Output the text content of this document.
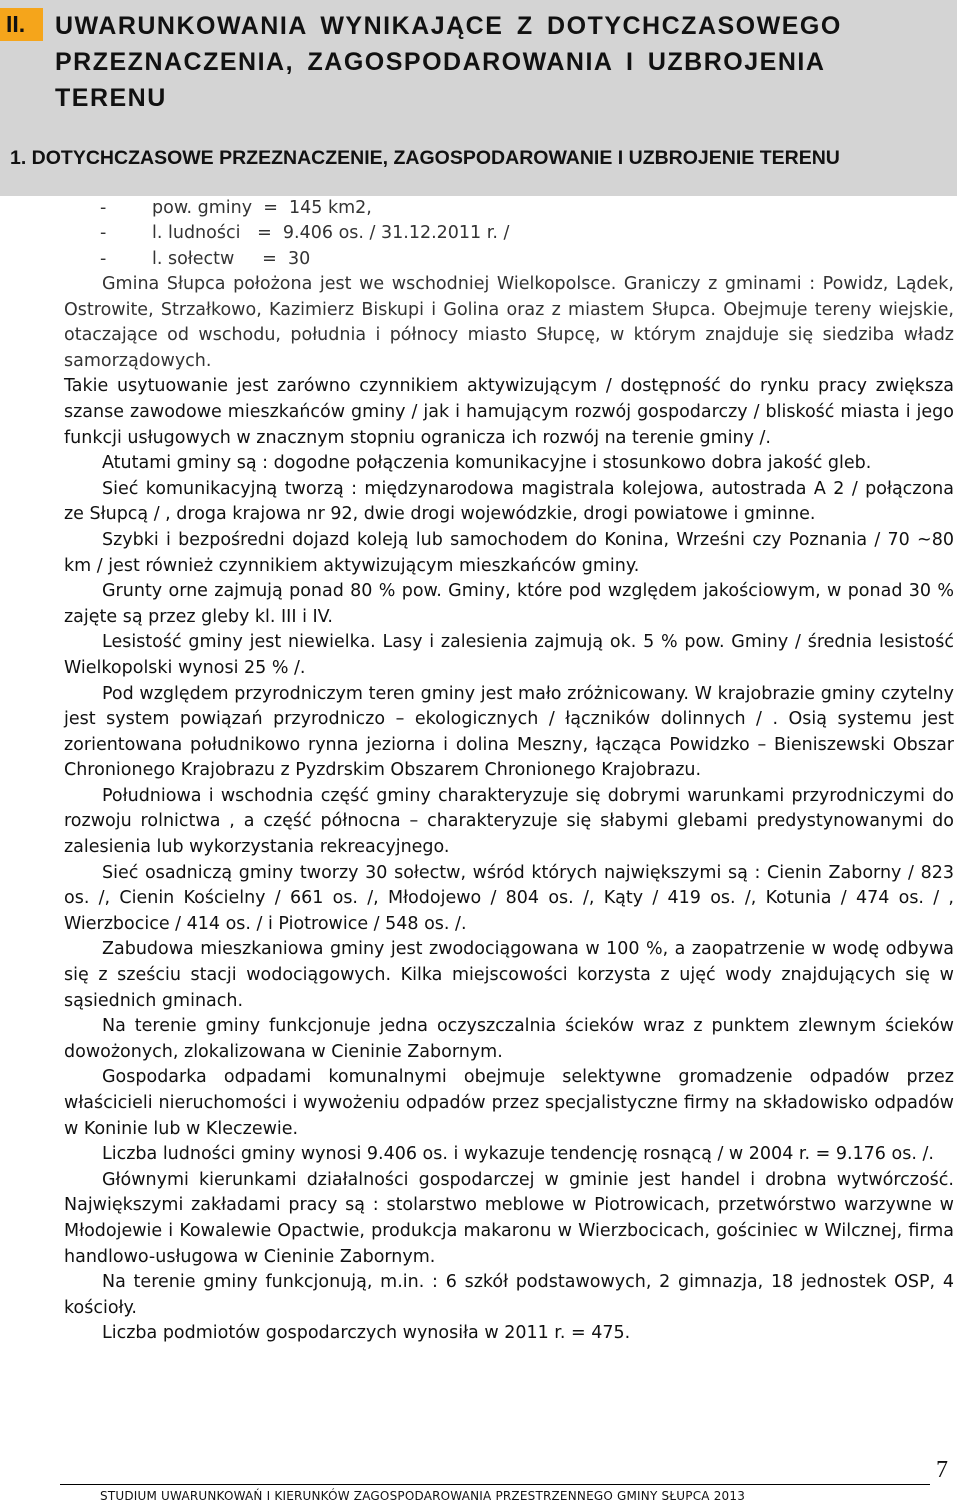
II.	UWARUNKOWANIA WYNIKAJĄCE Z DOTYCHCZASOWEGO PRZEZNACZENIA, ZAGOSPODAROWANIA I UZBROJENIA TERENU
1. DOTYCHCZASOWE PRZEZNACZENIE, ZAGOSPODAROWANIE I UZBROJENIE TERENU
-	pow. gminy  =  145 km2,
-	l. ludności   =  9.406 os. / 31.12.2011 r. /
-	l. sołectw     =  30

Gmina Słupca położona jest we wschodniej Wielkopolsce. Graniczy z gminami : Powidz, Lądek, Ostrowite, Strzałkowo, Kazimierz Biskupi i Golina oraz z miastem Słupca. Obejmuje tereny wiejskie, otaczające od wschodu, południa i północy miasto Słupcę, w którym znajduje się siedziba władz samorządowych.

Takie usytuowanie jest zarówno czynnikiem aktywizującym / dostępność do rynku pracy zwiększa szanse zawodowe mieszkańców gminy / jak i hamującym rozwój gospodarczy / bliskość miasta i jego funkcji usługowych w znacznym stopniu ogranicza ich rozwój na terenie gminy /.

Atutami gminy są : dogodne połączenia komunikacyjne i stosunkowo dobra jakość gleb.

Sieć komunikacyjną tworzą : międzynarodowa magistrala kolejowa, autostrada A 2 / połączona ze Słupcą / , droga krajowa nr 92, dwie drogi wojewódzkie, drogi powiatowe i gminne.

Szybki i bezpośredni dojazd koleją lub samochodem do Konina, Wrześni czy Poznania / 70 ~80 km / jest również czynnikiem aktywizującym mieszkańców gminy.

Grunty orne zajmują ponad 80 % pow. Gminy, które pod względem jakościowym, w ponad 30 % zajęte są przez gleby kl. III i IV.

Lesistość gminy jest niewielka. Lasy i zalesienia zajmują ok. 5 % pow. Gminy / średnia lesistość Wielkopolski wynosi 25 % /.

Pod względem przyrodniczym teren gminy jest mało zróżnicowany. W krajobrazie gminy czytelny jest system powiązań przyrodniczo – ekologicznych / łączników dolinnych / . Osią systemu jest zorientowana południkowo rynna jeziorna i dolina Meszny, łącząca Powidzko – Bieniszewski Obszar Chronionego Krajobrazu z Pyzdrskim Obszarem Chronionego Krajobrazu.

Południowa i wschodnia część gminy charakteryzuje się dobrymi warunkami przyrodniczymi do rozwoju rolnictwa , a część północna – charakteryzuje się słabymi glebami predystynowanymi do zalesienia lub wykorzystania rekreacyjnego.

Sieć osadniczą gminy tworzy 30 sołectw, wśród których największymi są : Cienin Zaborny / 823 os. /, Cienin Kościelny / 661 os. /, Młodojewo / 804 os. /, Kąty / 419 os. /, Kotunia / 474 os. / , Wierzbocice / 414 os. / i Piotrowice / 548 os. /.

Zabudowa mieszkaniowa gminy jest zwodociągowana w 100 %, a zaopatrzenie w wodę odbywa się z sześciu stacji wodociągowych. Kilka miejscowości korzysta z ujęć wody znajdujących się w sąsiednich gminach.

Na terenie gminy funkcjonuje jedna oczyszczalnia ścieków wraz z punktem zlewnym ścieków dowożonych, zlokalizowana w Cieninie Zabornym.

Gospodarka odpadami komunalnymi obejmuje selektywne gromadzenie odpadów przez właścicieli nieruchomości i wywożeniu odpadów przez specjalistyczne firmy na składowisko odpadów w Koninie lub w Kleczewie.

Liczba ludności gminy wynosi 9.406 os. i wykazuje tendencję rosnącą / w 2004 r. = 9.176 os. /.

Głównymi kierunkami działalności gospodarczej w gminie jest handel i drobna wytwórczość. Największymi zakładami pracy są : stolarstwo meblowe w Piotrowicach, przetwórstwo warzywne w Młodojewie i Kowalewie Opactwie, produkcja makaronu w Wierzbocicach, gościniec w Wilcznej, firma handlowo-usługowa w Cieninie Zabornym.

Na terenie gminy funkcjonują, m.in. : 6 szkół podstawowych, 2 gimnazja, 18 jednostek OSP, 4 kościoły.

Liczba podmiotów gospodarczych wynosiła w 2011 r. = 475.

7
STUDIUM UWARUNKOWAŃ I KIERUNKÓW ZAGOSPODAROWANIA PRZESTRZENNEGO GMINY SŁUPCA 2013
